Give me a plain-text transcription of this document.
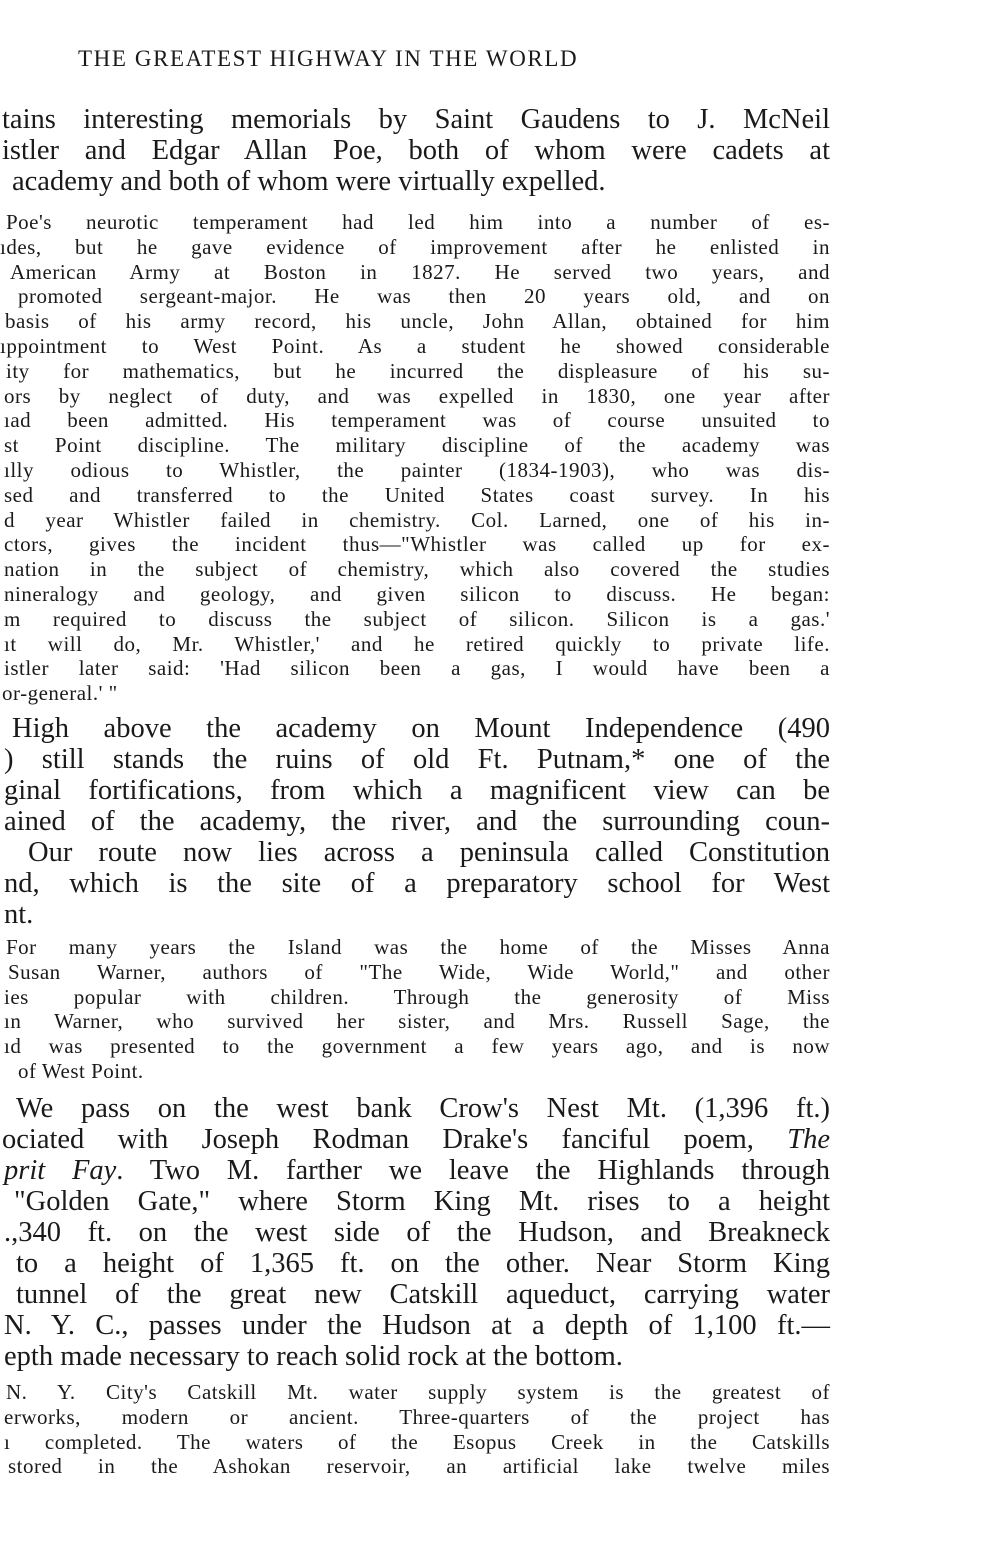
THE GREATEST HIGHWAY IN THE WORLD
tains interesting memorials by Saint Gaudens to J. McNeil
istler and Edgar Allan Poe, both of whom were cadets at
academy and both of whom were virtually expelled.
Poe's neurotic temperament had led him into a number of es-
ıdes, but he gave evidence of improvement after he enlisted in
American Army at Boston in 1827. He served two years, and
promoted sergeant-major. He was then 20 years old, and on
basis of his army record, his uncle, John Allan, obtained for him
ıppointment to West Point. As a student he showed considerable
ity for mathematics, but he incurred the displeasure of his su-
ors by neglect of duty, and was expelled in 1830, one year after
ıad been admitted. His temperament was of course unsuited to
st Point discipline. The military discipline of the academy was
ılly odious to Whistler, the painter (1834-1903), who was dis-
sed and transferred to the United States coast survey. In his
d year Whistler failed in chemistry. Col. Larned, one of his in-
ctors, gives the incident thus—"Whistler was called up for ex-
nation in the subject of chemistry, which also covered the studies
nineralogy and geology, and given silicon to discuss. He began:
m required to discuss the subject of silicon. Silicon is a gas.'
ıt will do, Mr. Whistler,' and he retired quickly to private life.
istler later said: 'Had silicon been a gas, I would have been a
or-general.' "
High above the academy on Mount Independence (490
) still stands the ruins of old Ft. Putnam,* one of the
ginal fortifications, from which a magnificent view can be
ained of the academy, the river, and the surrounding coun-
Our route now lies across a peninsula called Constitution
nd, which is the site of a preparatory school for West
nt.
For many years the Island was the home of the Misses Anna
Susan Warner, authors of "The Wide, Wide World," and other
ies popular with children. Through the generosity of Miss
ın Warner, who survived her sister, and Mrs. Russell Sage, the
ıd was presented to the government a few years ago, and is now
of West Point.
We pass on the west bank Crow's Nest Mt. (1,396 ft.)
ociated with Joseph Rodman Drake's fanciful poem, The
prit Fay. Two M. farther we leave the Highlands through
"Golden Gate," where Storm King Mt. rises to a height
.,340 ft. on the west side of the Hudson, and Breakneck
to a height of 1,365 ft. on the other. Near Storm King
tunnel of the great new Catskill aqueduct, carrying water
N. Y. C., passes under the Hudson at a depth of 1,100 ft.—
epth made necessary to reach solid rock at the bottom.
N. Y. City's Catskill Mt. water supply system is the greatest of
erworks, modern or ancient. Three-quarters of the project has
ı completed. The waters of the Esopus Creek in the Catskills
stored in the Ashokan reservoir, an artificial lake twelve miles
